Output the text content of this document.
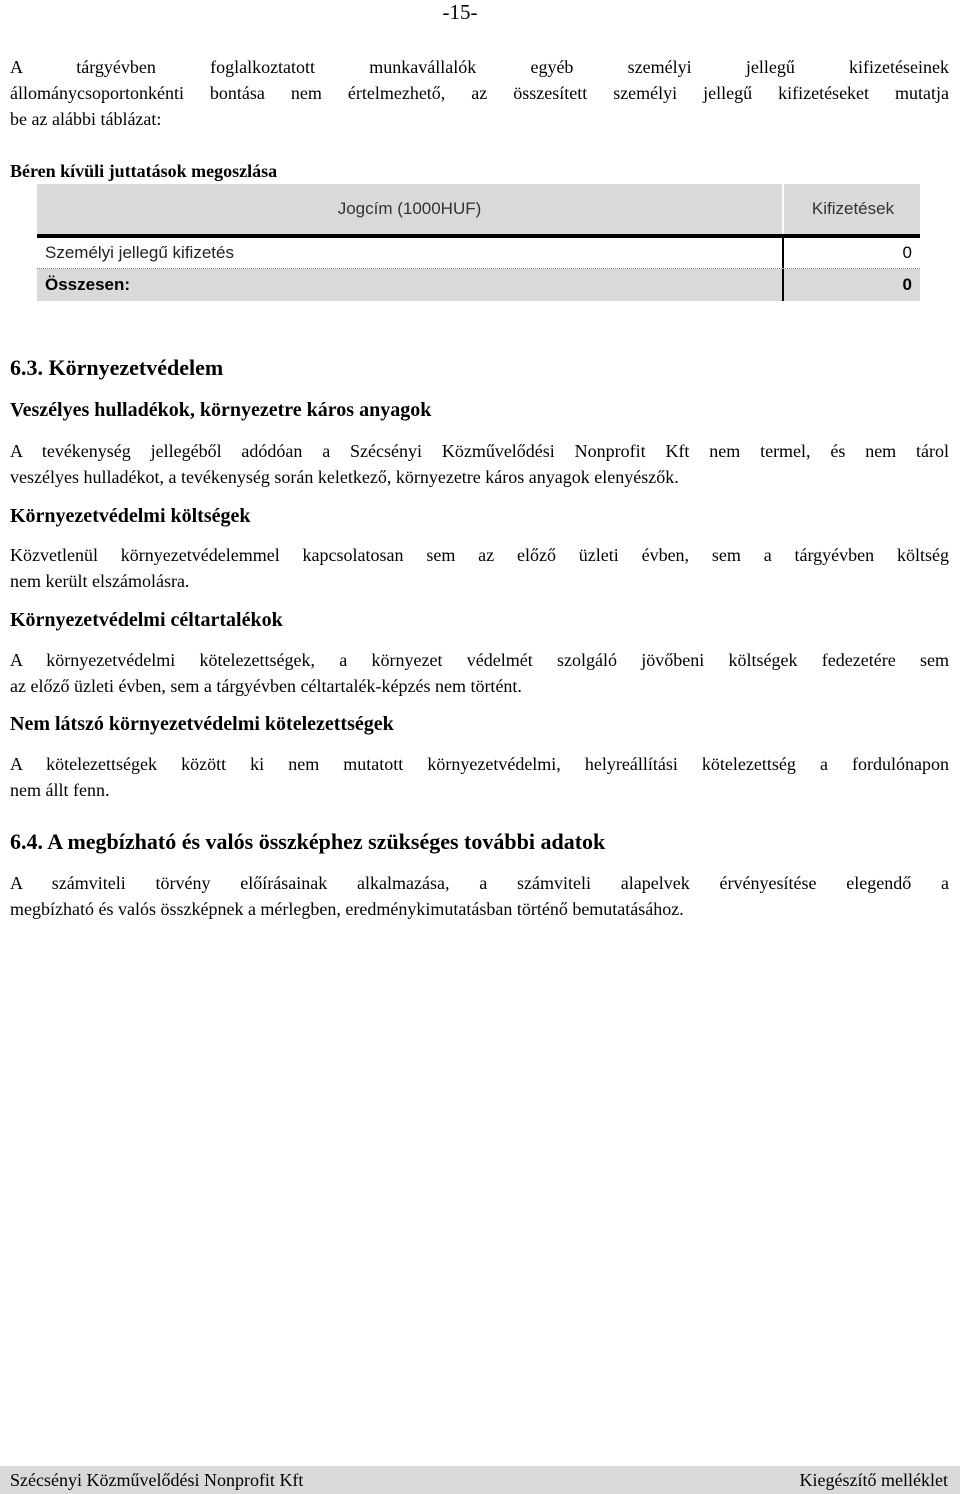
-15-

A tárgyévben foglalkoztatott munkavállalók egyéb személyi jellegű kifizetéseinek

állománycsoportonkénti bontása nem értelmezhető, az összesített személyi jellegű kifizetéseket mutatja

be az alábbi táblázat:

Béren kívüli juttatások megoszlása
Jogcím (1000HUF)	Kifizetések
Személyi jellegű kifizetés	0
Összesen:	0
6.3. Környezetvédelem
Veszélyes hulladékok, környezetre káros anyagok

A tevékenység jellegéből adódóan a Szécsényi Közművelődési Nonprofit Kft nem termel, és nem tárol

veszélyes hulladékot, a tevékenység során keletkező, környezetre káros anyagok elenyészők.

Környezetvédelmi költségek

Közvetlenül környezetvédelemmel kapcsolatosan sem az előző üzleti évben, sem a tárgyévben költség

nem került elszámolásra.

Környezetvédelmi céltartalékok

A környezetvédelmi kötelezettségek, a környezet védelmét szolgáló jövőbeni költségek fedezetére sem

az előző üzleti évben, sem a tárgyévben céltartalék-képzés nem történt.

Nem látszó környezetvédelmi kötelezettségek

A kötelezettségek között ki nem mutatott környezetvédelmi, helyreállítási kötelezettség a fordulónapon

nem állt fenn.

6.4. A megbízható és valós összképhez szükséges további adatok

A számviteli törvény előírásainak alkalmazása, a számviteli alapelvek érvényesítése elegendő a

megbízható és valós összképnek a mérlegben, eredménykimutatásban történő bemutatásához.

Szécsényi Közművelődési Nonprofit Kft	Kiegészítő melléklet
